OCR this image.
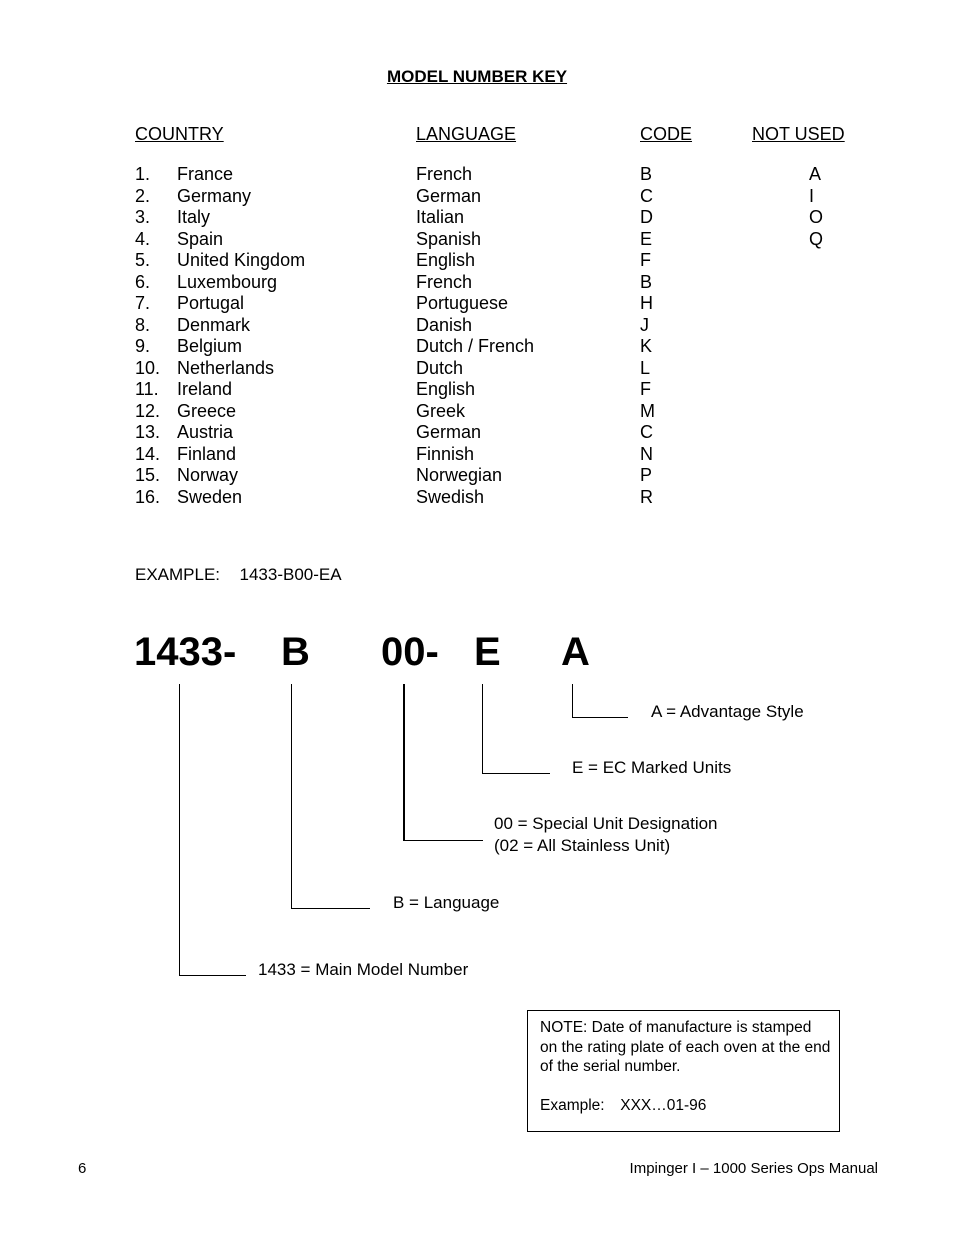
MODEL NUMBER KEY
COUNTRY	LANGUAGE	CODE	NOT USED
1. France	French	B	A
2. Germany	German	C	I
3. Italy	Italian	D	O
4. Spain	Spanish	E	Q
5. United Kingdom	English	F
6. Luxembourg	French	B
7. Portugal	Portuguese	H
8. Denmark	Danish	J
9. Belgium	Dutch / French	K
10. Netherlands	Dutch	L
11. Ireland	English	F
12. Greece	Greek	M
13. Austria	German	C
14. Finland	Finnish	N
15. Norway	Norwegian	P
16. Sweden	Swedish	R
EXAMPLE: 1433-B00-EA
1433- B 00- E A
A = Advantage Style
E = EC Marked Units
00 = Special Unit Designation
(02 = All Stainless Unit)
B = Language
1433 = Main Model Number
NOTE: Date of manufacture is stamped on the rating plate of each oven at the end of the serial number.
Example: XXX…01-96
6	Impinger I – 1000 Series Ops Manual
